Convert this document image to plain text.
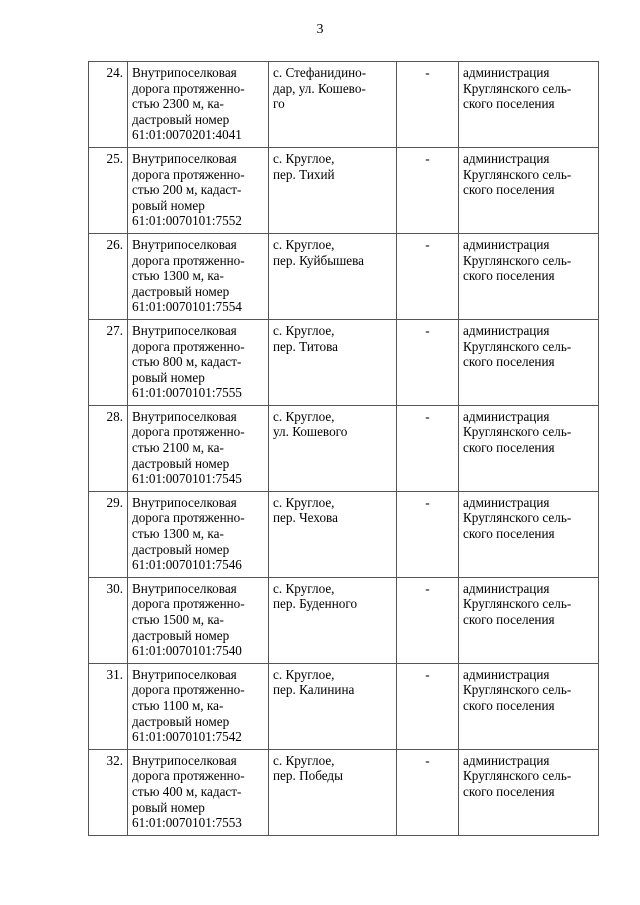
3
24.	Внутрипоселковая
дорога протяженно-
стью 2300 м, ка-
дастровый номер
61:01:0070201:4041	с. Стефанидино-
дар, ул. Кошево-
го	-	администрация
Круглянского сель-
ского поселения
25.	Внутрипоселковая
дорога протяженно-
стью 200 м, кадаст-
ровый номер
61:01:0070101:7552	с. Круглое,
пер. Тихий	-	администрация
Круглянского сель-
ского поселения
26.	Внутрипоселковая
дорога протяженно-
стью 1300 м, ка-
дастровый номер
61:01:0070101:7554	с. Круглое,
пер. Куйбышева	-	администрация
Круглянского сель-
ского поселения
27.	Внутрипоселковая
дорога протяженно-
стью 800 м, кадаст-
ровый номер
61:01:0070101:7555	с. Круглое,
пер. Титова	-	администрация
Круглянского сель-
ского поселения
28.	Внутрипоселковая
дорога протяженно-
стью 2100 м, ка-
дастровый номер
61:01:0070101:7545	с. Круглое,
ул. Кошевого	-	администрация
Круглянского сель-
ского поселения
29.	Внутрипоселковая
дорога протяженно-
стью 1300 м, ка-
дастровый номер
61:01:0070101:7546	с. Круглое,
пер. Чехова	-	администрация
Круглянского сель-
ского поселения
30.	Внутрипоселковая
дорога протяженно-
стью 1500 м, ка-
дастровый номер
61:01:0070101:7540	с. Круглое,
пер. Буденного	-	администрация
Круглянского сель-
ского поселения
31.	Внутрипоселковая
дорога протяженно-
стью 1100 м, ка-
дастровый номер
61:01:0070101:7542	с. Круглое,
пер. Калинина	-	администрация
Круглянского сель-
ского поселения
32.	Внутрипоселковая
дорога протяженно-
стью 400 м, кадаст-
ровый номер
61:01:0070101:7553	с. Круглое,
пер. Победы	-	администрация
Круглянского сель-
ского поселения
